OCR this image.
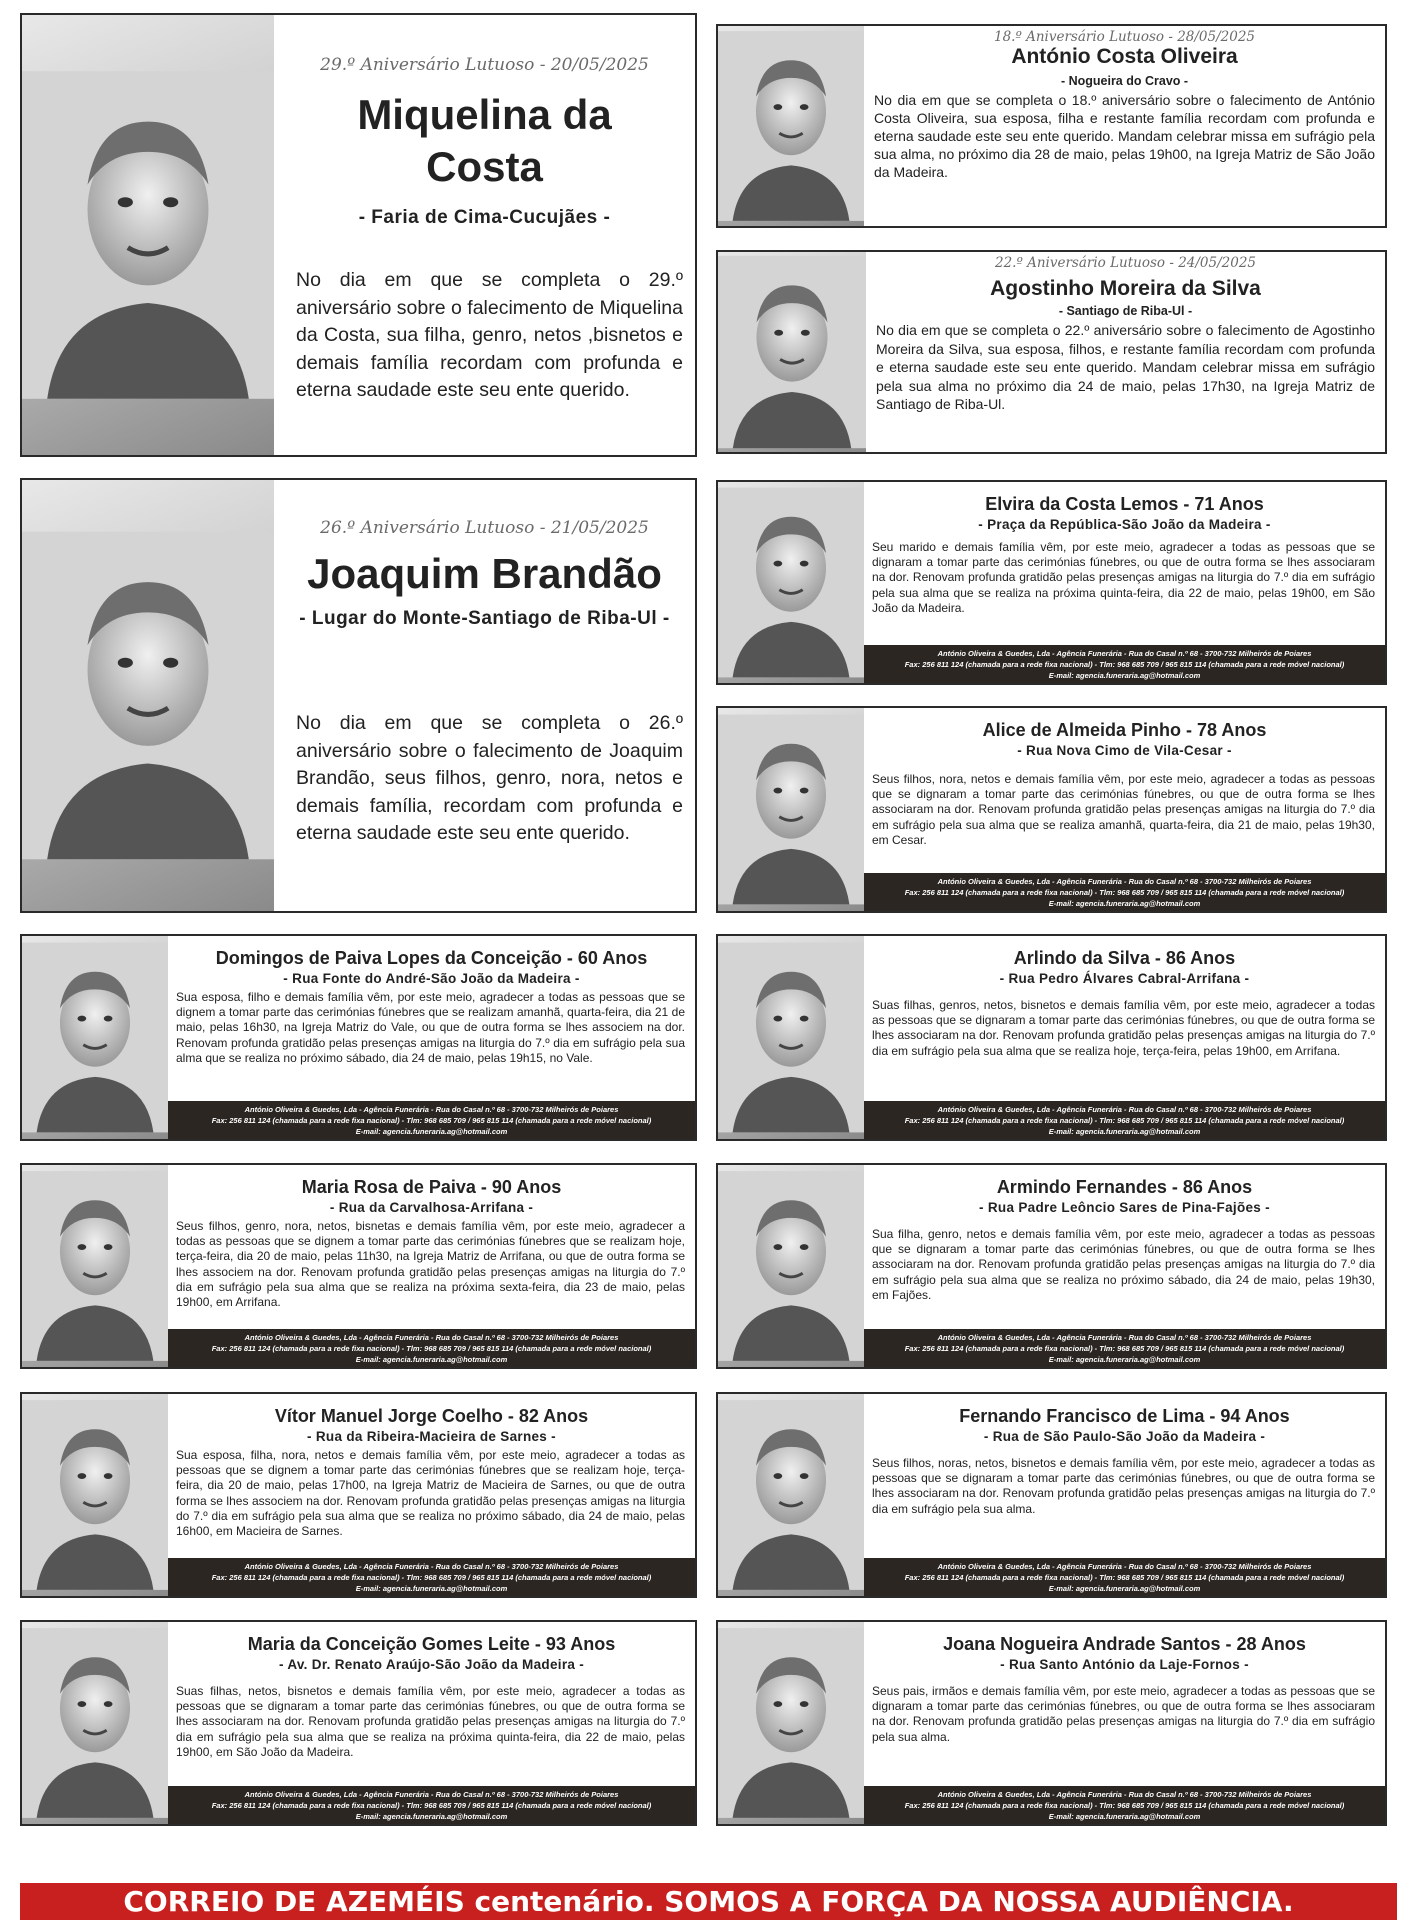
29.º Aniversário Lutuoso - 20/05/2025
Miquelina da Costa
- Faria de Cima-Cucujães -
No dia em que se completa o 29.º aniversário sobre o falecimento de Miquelina da Costa, sua filha, genro, netos ,bisnetos e demais família recordam com profunda e eterna saudade este seu ente querido.
26.º Aniversário Lutuoso - 21/05/2025
Joaquim Brandão
- Lugar do Monte-Santiago de Riba-Ul -
No dia em que se completa o 26.º aniversário sobre o falecimento de Joaquim Brandão, seus filhos, genro, nora, netos e demais família, recordam com profunda e eterna saudade este seu ente querido.
18.º Aniversário Lutuoso - 28/05/2025
António Costa Oliveira
- Nogueira do Cravo -
No dia em que se completa o 18.º aniversário sobre o falecimento de António Costa Oliveira, sua esposa, filha e restante família recordam com profunda e eterna saudade este seu ente querido. Mandam celebrar missa em sufrágio pela sua alma, no próximo dia 28 de maio, pelas 19h00, na Igreja Matriz de São João da Madeira.
22.º Aniversário Lutuoso - 24/05/2025
Agostinho Moreira da Silva
- Santiago de Riba-Ul -
No dia em que se completa o 22.º aniversário sobre o falecimento de Agostinho Moreira da Silva, sua esposa, filhos, e restante família recordam com profunda e eterna saudade este seu ente querido. Mandam celebrar missa em sufrágio pela sua alma no próximo dia 24 de maio, pelas 17h30, na Igreja Matriz de Santiago de Riba-Ul.
Elvira da Costa Lemos - 71 Anos
- Praça da República-São João da Madeira -
Seu marido e demais família vêm, por este meio, agradecer a todas as pessoas que se dignaram a tomar parte das cerimónias fúnebres, ou que de outra forma se lhes associaram na dor. Renovam profunda gratidão pelas presenças amigas na liturgia do 7.º dia em sufrágio pela sua alma que se realiza na próxima quinta-feira, dia 22 de maio, pelas 19h00, em São João da Madeira.
António Oliveira & Guedes, Lda - Agência Funerária - Rua do Casal n.º 68 - 3700-732 Milheirós de Poiares
Fax: 256 811 124 (chamada para a rede fixa nacional) - Tlm: 968 685 709 / 965 815 114 (chamada para a rede móvel nacional)
E-mail: agencia.funeraria.ag@hotmail.com
Alice de Almeida Pinho - 78 Anos
- Rua Nova Cimo de Vila-Cesar -
Seus filhos, nora, netos e demais família vêm, por este meio, agradecer a todas as pessoas que se dignaram a tomar parte das cerimónias fúnebres, ou que de outra forma se lhes associaram na dor. Renovam profunda gratidão pelas presenças amigas na liturgia do 7.º dia em sufrágio pela sua alma que se realiza amanhã, quarta-feira, dia 21 de maio, pelas 19h30, em Cesar.
António Oliveira & Guedes, Lda - Agência Funerária - Rua do Casal n.º 68 - 3700-732 Milheirós de Poiares
Fax: 256 811 124 (chamada para a rede fixa nacional) - Tlm: 968 685 709 / 965 815 114 (chamada para a rede móvel nacional)
E-mail: agencia.funeraria.ag@hotmail.com
Domingos de Paiva Lopes da Conceição - 60 Anos
- Rua Fonte do André-São João da Madeira -
Sua esposa, filho e demais família vêm, por este meio, agradecer a todas as pessoas que se dignem a tomar parte das cerimónias fúnebres que se realizam amanhã, quarta-feira, dia 21 de maio, pelas 16h30, na Igreja Matriz do Vale, ou que de outra forma se lhes associem na dor. Renovam profunda gratidão pelas presenças amigas na liturgia do 7.º dia em sufrágio pela sua alma que se realiza no próximo sábado, dia 24 de maio, pelas 19h15, no Vale.
António Oliveira & Guedes, Lda - Agência Funerária - Rua do Casal n.º 68 - 3700-732 Milheirós de Poiares
Fax: 256 811 124 (chamada para a rede fixa nacional) - Tlm: 968 685 709 / 965 815 114 (chamada para a rede móvel nacional)
E-mail: agencia.funeraria.ag@hotmail.com
Arlindo da Silva - 86 Anos
- Rua Pedro Álvares Cabral-Arrifana -
Suas filhas, genros, netos, bisnetos e demais família vêm, por este meio, agradecer a todas as pessoas que se dignaram a tomar parte das cerimónias fúnebres, ou que de outra forma se lhes associaram na dor. Renovam profunda gratidão pelas presenças amigas na liturgia do 7.º dia em sufrágio pela sua alma que se realiza hoje, terça-feira, pelas 19h00, em Arrifana.
António Oliveira & Guedes, Lda - Agência Funerária - Rua do Casal n.º 68 - 3700-732 Milheirós de Poiares
Fax: 256 811 124 (chamada para a rede fixa nacional) - Tlm: 968 685 709 / 965 815 114 (chamada para a rede móvel nacional)
E-mail: agencia.funeraria.ag@hotmail.com
Maria Rosa de Paiva - 90 Anos
- Rua da Carvalhosa-Arrifana -
Seus filhos, genro, nora, netos, bisnetas e demais família vêm, por este meio, agradecer a todas as pessoas que se dignem a tomar parte das cerimónias fúnebres que se realizam hoje, terça-feira, dia 20 de maio, pelas 11h30, na Igreja Matriz de Arrifana, ou que de outra forma se lhes associem na dor. Renovam profunda gratidão pelas presenças amigas na liturgia do 7.º dia em sufrágio pela sua alma que se realiza na próxima sexta-feira, dia 23 de maio, pelas 19h00, em Arrifana.
António Oliveira & Guedes, Lda - Agência Funerária - Rua do Casal n.º 68 - 3700-732 Milheirós de Poiares
Fax: 256 811 124 (chamada para a rede fixa nacional) - Tlm: 968 685 709 / 965 815 114 (chamada para a rede móvel nacional)
E-mail: agencia.funeraria.ag@hotmail.com
Armindo Fernandes - 86 Anos
- Rua Padre Leôncio Sares de Pina-Fajões -
Sua filha, genro, netos e demais família vêm, por este meio, agradecer a todas as pessoas que se dignaram a tomar parte das cerimónias fúnebres, ou que de outra forma se lhes associaram na dor. Renovam profunda gratidão pelas presenças amigas na liturgia do 7.º dia em sufrágio pela sua alma que se realiza no próximo sábado, dia 24 de maio, pelas 19h30, em Fajões.
António Oliveira & Guedes, Lda - Agência Funerária - Rua do Casal n.º 68 - 3700-732 Milheirós de Poiares
Fax: 256 811 124 (chamada para a rede fixa nacional) - Tlm: 968 685 709 / 965 815 114 (chamada para a rede móvel nacional)
E-mail: agencia.funeraria.ag@hotmail.com
Vítor Manuel Jorge Coelho - 82 Anos
- Rua da Ribeira-Macieira de Sarnes -
Sua esposa, filha, nora, netos e demais família vêm, por este meio, agradecer a todas as pessoas que se dignem a tomar parte das cerimónias fúnebres que se realizam hoje, terça-feira, dia 20 de maio, pelas 17h00, na Igreja Matriz de Macieira de Sarnes, ou que de outra forma se lhes associem na dor. Renovam profunda gratidão pelas presenças amigas na liturgia do 7.º dia em sufrágio pela sua alma que se realiza no próximo sábado, dia 24 de maio, pelas 16h00, em Macieira de Sarnes.
António Oliveira & Guedes, Lda - Agência Funerária - Rua do Casal n.º 68 - 3700-732 Milheirós de Poiares
Fax: 256 811 124 (chamada para a rede fixa nacional) - Tlm: 968 685 709 / 965 815 114 (chamada para a rede móvel nacional)
E-mail: agencia.funeraria.ag@hotmail.com
Fernando Francisco de Lima - 94 Anos
- Rua de São Paulo-São João da Madeira -
Seus filhos, noras, netos, bisnetos e demais família vêm, por este meio, agradecer a todas as pessoas que se dignaram a tomar parte das cerimónias fúnebres, ou que de outra forma se lhes associaram na dor. Renovam profunda gratidão pelas presenças amigas na liturgia do 7.º dia em sufrágio pela sua alma.
António Oliveira & Guedes, Lda - Agência Funerária - Rua do Casal n.º 68 - 3700-732 Milheirós de Poiares
Fax: 256 811 124 (chamada para a rede fixa nacional) - Tlm: 968 685 709 / 965 815 114 (chamada para a rede móvel nacional)
E-mail: agencia.funeraria.ag@hotmail.com
Maria da Conceição Gomes Leite - 93 Anos
- Av. Dr. Renato Araújo-São João da Madeira -
Suas filhas, netos, bisnetos e demais família vêm, por este meio, agradecer a todas as pessoas que se dignaram a tomar parte das cerimónias fúnebres, ou que de outra forma se lhes associaram na dor. Renovam profunda gratidão pelas presenças amigas na liturgia do 7.º dia em sufrágio pela sua alma que se realiza na próxima quinta-feira, dia 22 de maio, pelas 19h00, em São João da Madeira.
António Oliveira & Guedes, Lda - Agência Funerária - Rua do Casal n.º 68 - 3700-732 Milheirós de Poiares
Fax: 256 811 124 (chamada para a rede fixa nacional) - Tlm: 968 685 709 / 965 815 114 (chamada para a rede móvel nacional)
E-mail: agencia.funeraria.ag@hotmail.com
Joana Nogueira Andrade Santos - 28 Anos
- Rua Santo António da Laje-Fornos -
Seus pais, irmãos e demais família vêm, por este meio, agradecer a todas as pessoas que se dignaram a tomar parte das cerimónias fúnebres, ou que de outra forma se lhes associaram na dor. Renovam profunda gratidão pelas presenças amigas na liturgia do 7.º dia em sufrágio pela sua alma.
António Oliveira & Guedes, Lda - Agência Funerária - Rua do Casal n.º 68 - 3700-732 Milheirós de Poiares
Fax: 256 811 124 (chamada para a rede fixa nacional) - Tlm: 968 685 709 / 965 815 114 (chamada para a rede móvel nacional)
E-mail: agencia.funeraria.ag@hotmail.com
CORREIO DE AZEMÉIS centenário. SOMOS A FORÇA DA NOSSA AUDIÊNCIA.
